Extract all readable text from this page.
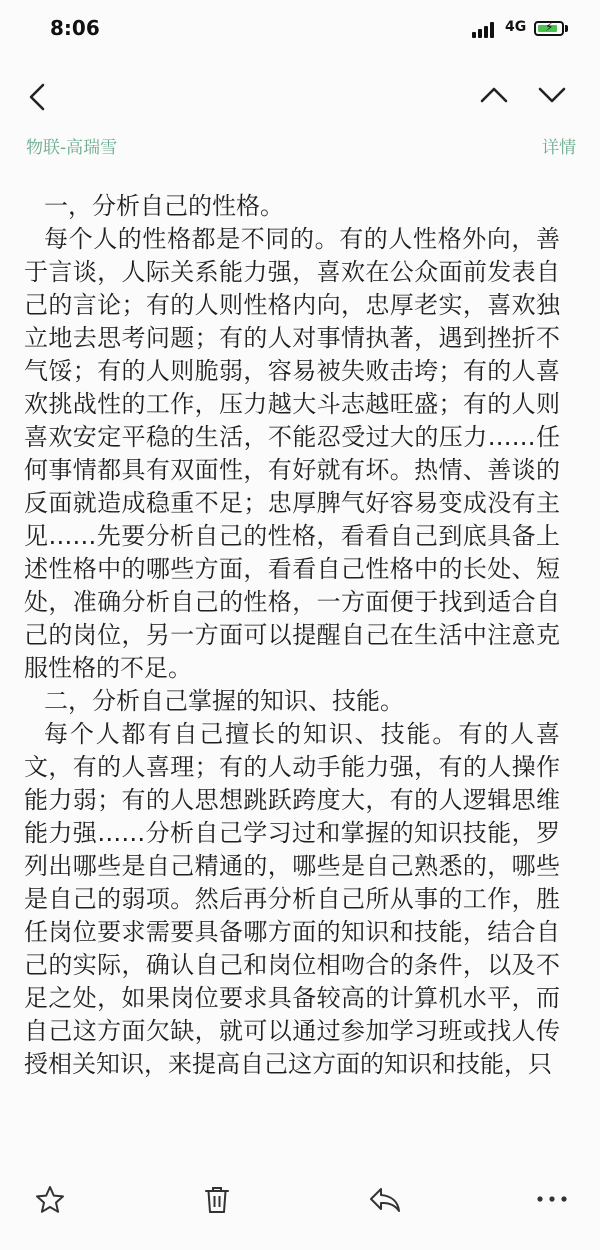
8:06	4G ⚡
物联-高瑞雪	详情

一，分析自己的性格。

每个人的性格都是不同的。有的人性格外向，善于言谈，人际关系能力强，喜欢在公众面前发表自己的言论；有的人则性格内向，忠厚老实，喜欢独立地去思考问题；有的人对事情执著，遇到挫折不气馁；有的人则脆弱，容易被失败击垮；有的人喜欢挑战性的工作，压力越大斗志越旺盛；有的人则喜欢安定平稳的生活，不能忍受过大的压力……任何事情都具有双面性，有好就有坏。热情、善谈的反面就造成稳重不足；忠厚脾气好容易变成没有主见……先要分析自己的性格，看看自己到底具备上述性格中的哪些方面，看看自己性格中的长处、短处，准确分析自己的性格，一方面便于找到适合自己的岗位，另一方面可以提醒自己在生活中注意克服性格的不足。

二，分析自己掌握的知识、技能。

每个人都有自己擅长的知识、技能。有的人喜文，有的人喜理；有的人动手能力强，有的人操作能力弱；有的人思想跳跃跨度大，有的人逻辑思维能力强……分析自己学习过和掌握的知识技能，罗列出哪些是自己精通的，哪些是自己熟悉的，哪些是自己的弱项。然后再分析自己所从事的工作，胜任岗位要求需要具备哪方面的知识和技能，结合自己的实际，确认自己和岗位相吻合的条件，以及不足之处，如果岗位要求具备较高的计算机水平，而自己这方面欠缺，就可以通过参加学习班或找人传授相关知识，来提高自己这方面的知识和技能，只
